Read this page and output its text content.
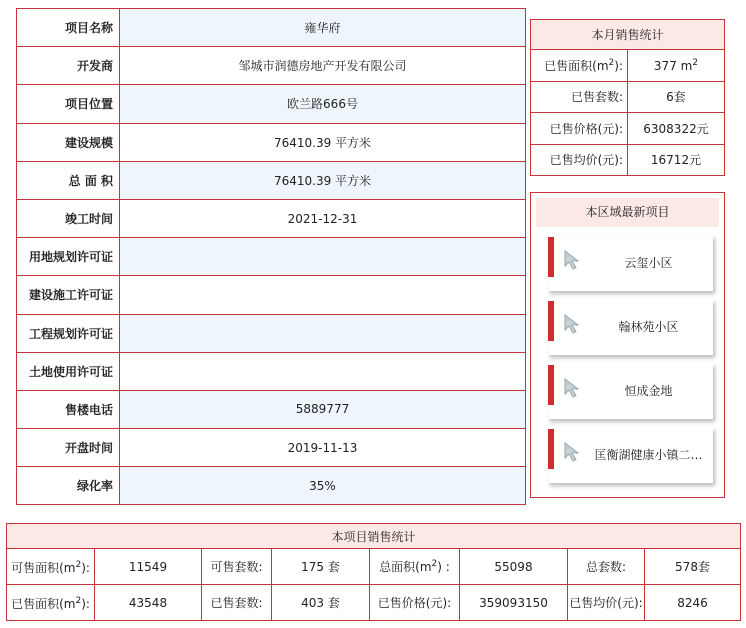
项目名称	雍华府
开发商	邹城市润德房地产开发有限公司
项目位置	欧兰路666号
建设规模	76410.39 平方米
总 面 积	76410.39 平方米
竣工时间	2021-12-31
用地规划许可证	
建设施工许可证	
工程规划许可证	
土地使用许可证	
售楼电话	5889777
开盘时间	2019-11-13
绿化率	35%
本月销售统计	
已售面积$(m^2)$:	377 $m^2$
已售套数:	6套
已售价格(元):	6308322元
已售均价(元):	16712元
本区域最新项目
云玺小区
翰林苑小区
恒成金地
匡衡湖健康小镇二…
本项目销售统计							
可售面积$(m^2)$:	11549	可售套数:	175 套	总面积$(m^2)$ :	55098	总套数:	578套
已售面积$(m^2)$:	43548	已售套数:	403 套	已售价格(元):	359093150	已售均价(元):	8246
